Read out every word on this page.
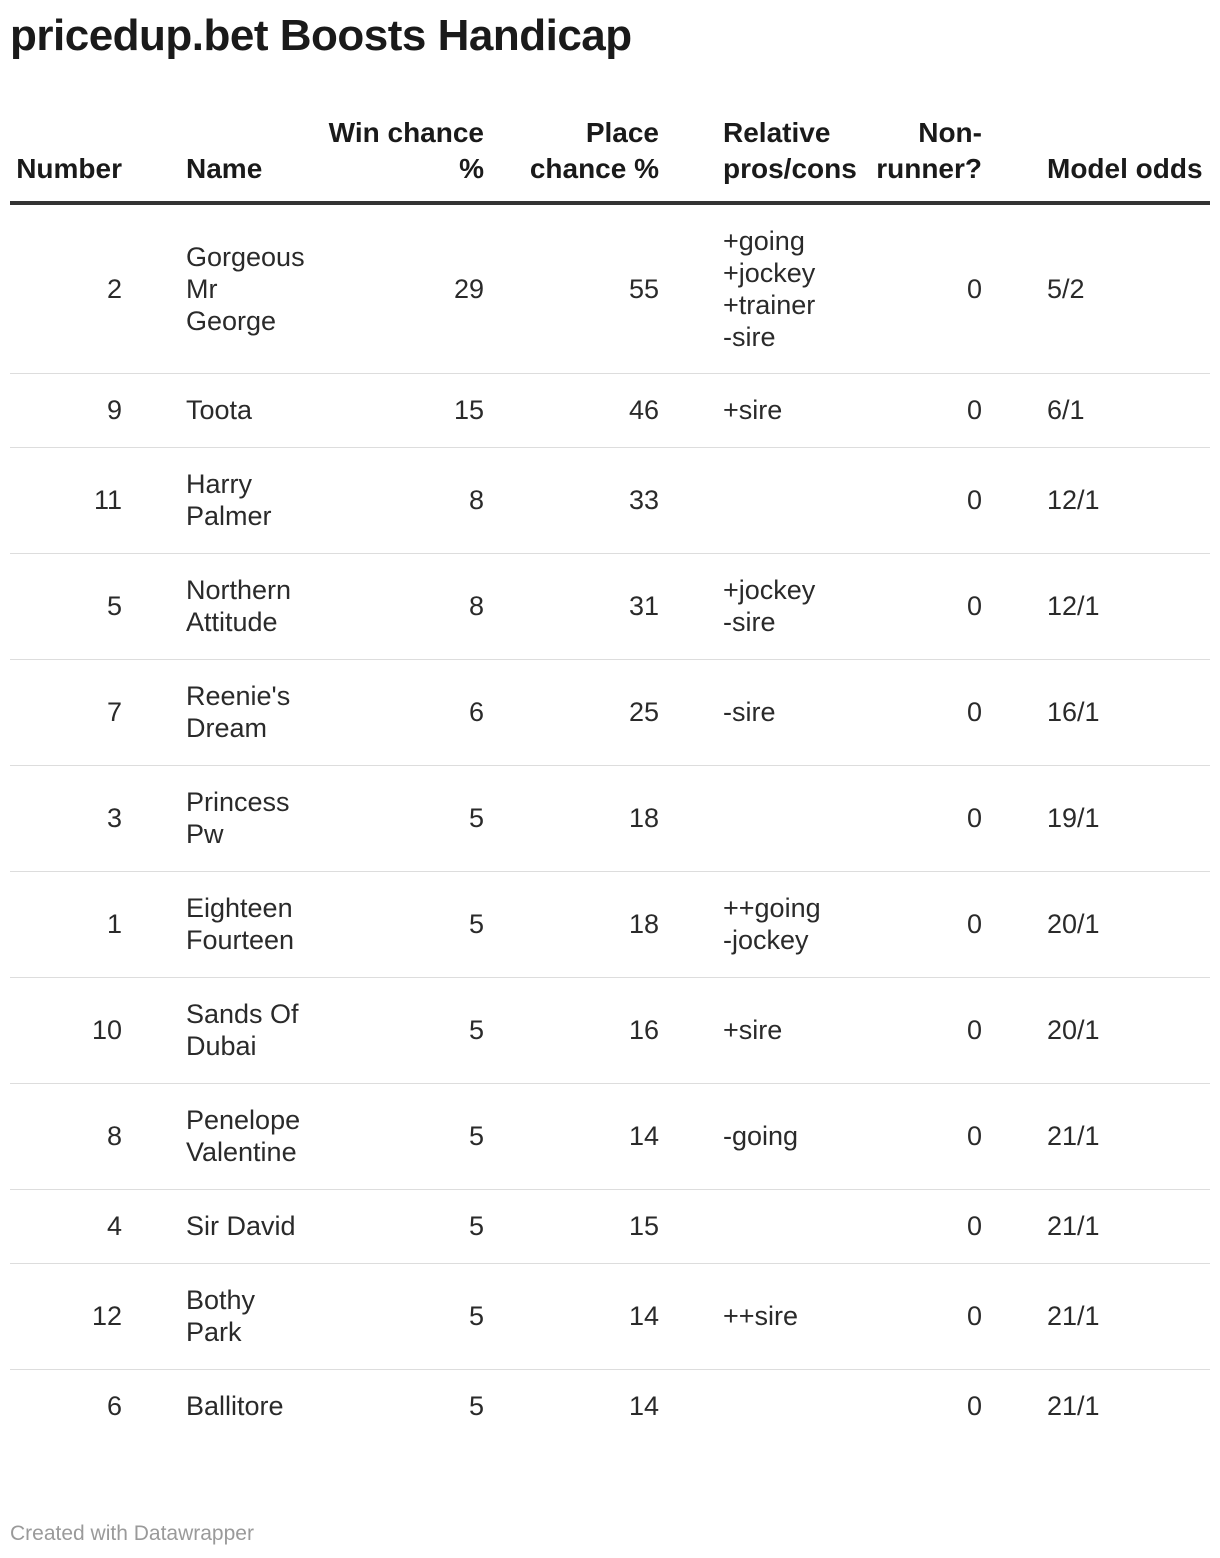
pricedup.bet Boosts Handicap
Number	Name	Win chance %	Place chance %	Relative pros/cons	Non-runner?	Model odds
2	Gorgeous Mr George	29	55	+going
+jockey
+trainer
-sire	0	5/2
9	Toota	15	46	+sire	0	6/1
11	Harry Palmer	8	33		0	12/1
5	Northern Attitude	8	31	+jockey
-sire	0	12/1
7	Reenie's Dream	6	25	-sire	0	16/1
3	Princess Pw	5	18		0	19/1
1	Eighteen Fourteen	5	18	++going
-jockey	0	20/1
10	Sands Of Dubai	5	16	+sire	0	20/1
8	Penelope Valentine	5	14	-going	0	21/1
4	Sir David	5	15		0	21/1
12	Bothy Park	5	14	++sire	0	21/1
6	Ballitore	5	14		0	21/1
Created with Datawrapper
